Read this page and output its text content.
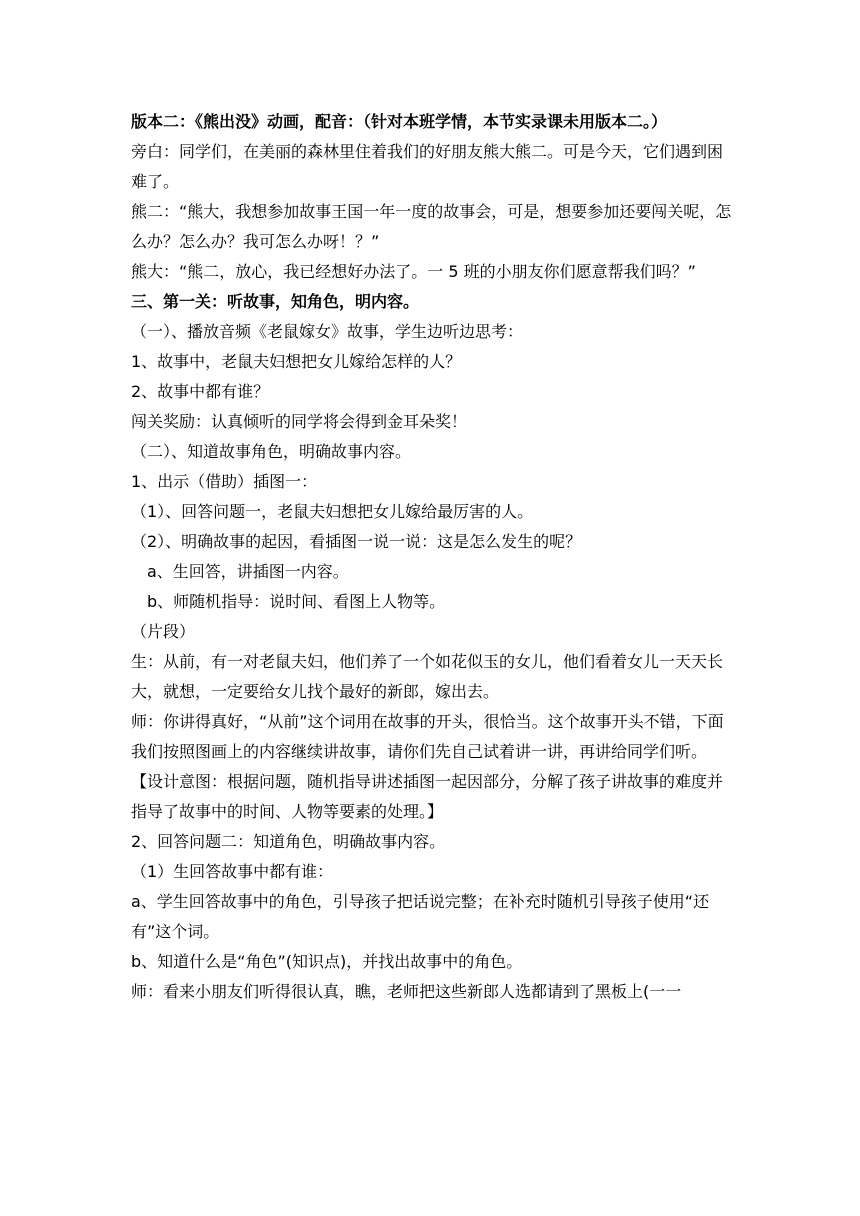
版本二：《熊出没》动画，配音：（针对本班学情，本节实录课未用版本二。）

旁白：同学们，在美丽的森林里住着我们的好朋友熊大熊二。可是今天，它们遇到困难了。

熊二：“熊大，我想参加故事王国一年一度的故事会，可是，想要参加还要闯关呢，怎么办？怎么办？我可怎么办呀！？”

熊大：“熊二，放心，我已经想好办法了。一 5 班的小朋友你们愿意帮我们吗？”

三、第一关：听故事，知角色，明内容。

（一）、播放音频《老鼠嫁女》故事，学生边听边思考：

1、故事中，老鼠夫妇想把女儿嫁给怎样的人？

2、故事中都有谁？

闯关奖励：认真倾听的同学将会得到金耳朵奖！

（二）、知道故事角色，明确故事内容。

1、出示（借助）插图一：

（1）、回答问题一，老鼠夫妇想把女儿嫁给最厉害的人。

（2）、明确故事的起因，看插图一说一说：这是怎么发生的呢？

a、生回答，讲插图一内容。

b、师随机指导：说时间、看图上人物等。

（片段）

生：从前，有一对老鼠夫妇，他们养了一个如花似玉的女儿，他们看着女儿一天天长大，就想，一定要给女儿找个最好的新郎，嫁出去。

师：你讲得真好，“从前”这个词用在故事的开头，很恰当。这个故事开头不错，下面我们按照图画上的内容继续讲故事，请你们先自己试着讲一讲，再讲给同学们听。

【设计意图：根据问题，随机指导讲述插图一起因部分，分解了孩子讲故事的难度并指导了故事中的时间、人物等要素的处理。】

2、回答问题二：知道角色，明确故事内容。

（1）生回答故事中都有谁：

a、学生回答故事中的角色，引导孩子把话说完整；在补充时随机引导孩子使用“还有”这个词。

b、知道什么是“角色”(知识点)，并找出故事中的角色。

师：看来小朋友们听得很认真，瞧，老师把这些新郎人选都请到了黑板上(一一
